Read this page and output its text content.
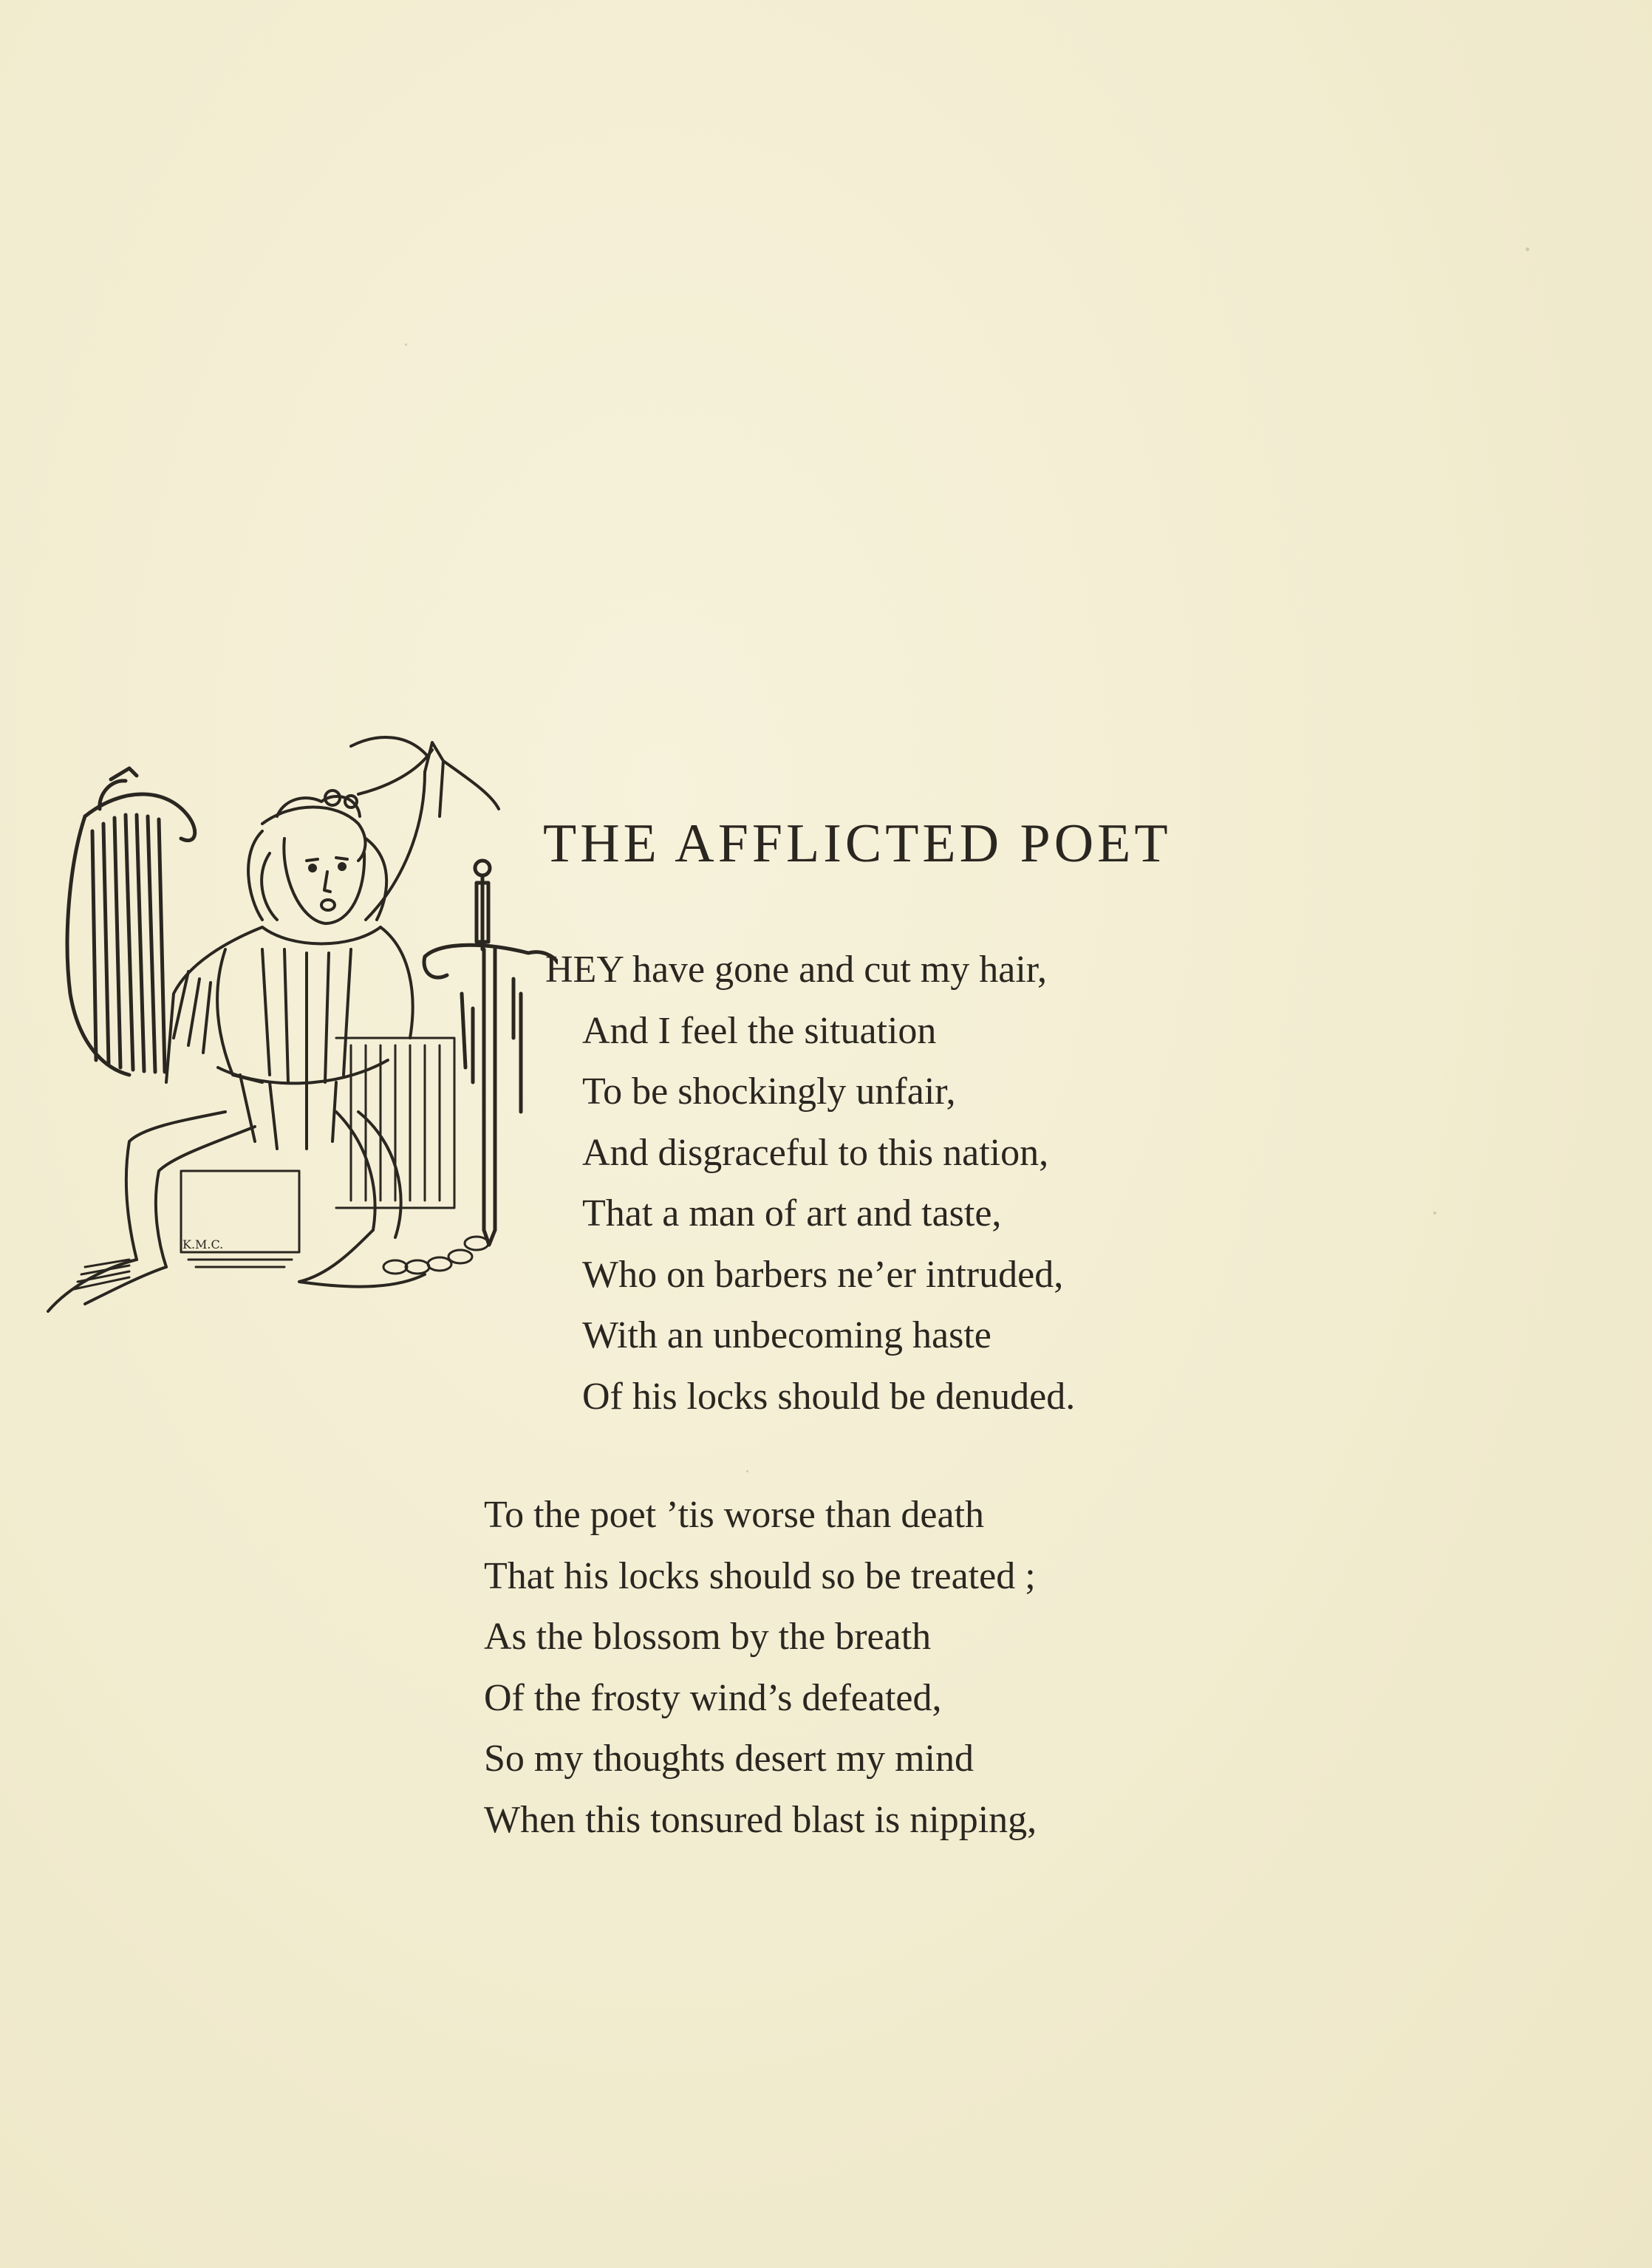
K.M.C.
THE AFFLICTED POET
HEY have gone and cut my hair,
And I feel the situation
To be shockingly unfair,
And disgraceful to this nation,
That a man of art and taste,
Who on barbers ne’er intruded,
With an unbecoming haste
Of his locks should be denuded.
To the poet ’tis worse than death
That his locks should so be treated ;
As the blossom by the breath
Of the frosty wind’s defeated,
So my thoughts desert my mind
When this tonsured blast is nipping,
